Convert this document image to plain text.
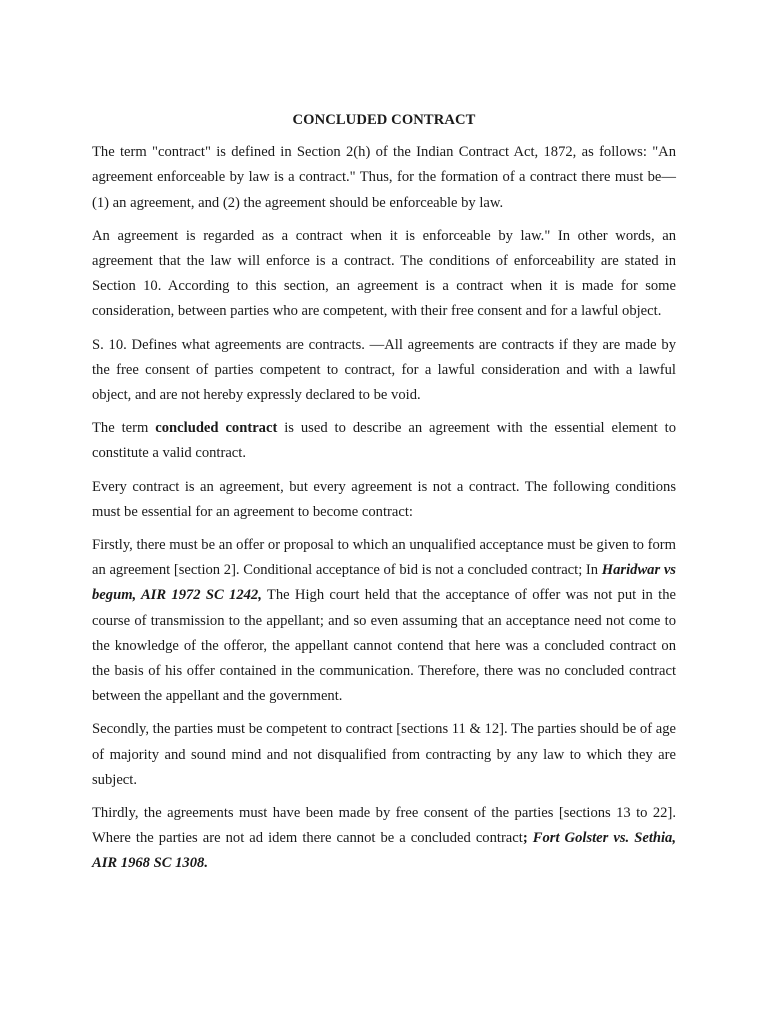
CONCLUDED CONTRACT

The term "contract" is defined in Section 2(h) of the Indian Contract Act, 1872, as follows: "An agreement enforceable by law is a contract." Thus, for the formation of a contract there must be— (1) an agreement, and (2) the agreement should be enforceable by law.

An agreement is regarded as a contract when it is enforceable by law." In other words, an agreement that the law will enforce is a contract. The conditions of enforceability are stated in Section 10. According to this section, an agreement is a contract when it is made for some consideration, between parties who are competent, with their free consent and for a lawful object.

S. 10. Defines what agreements are contracts. —All agreements are contracts if they are made by the free consent of parties competent to contract, for a lawful consideration and with a lawful object, and are not hereby expressly declared to be void.

The term concluded contract is used to describe an agreement with the essential element to constitute a valid contract.

Every contract is an agreement, but every agreement is not a contract. The following conditions must be essential for an agreement to become contract:

Firstly, there must be an offer or proposal to which an unqualified acceptance must be given to form an agreement [section 2]. Conditional acceptance of bid is not a concluded contract; In Haridwar vs begum, AIR 1972 SC 1242, The High court held that the acceptance of offer was not put in the course of transmission to the appellant; and so even assuming that an acceptance need not come to the knowledge of the offeror, the appellant cannot contend that here was a concluded contract on the basis of his offer contained in the communication. Therefore, there was no concluded contract between the appellant and the government.

Secondly, the parties must be competent to contract [sections 11 & 12]. The parties should be of age of majority and sound mind and not disqualified from contracting by any law to which they are subject.

Thirdly, the agreements must have been made by free consent of the parties [sections 13 to 22]. Where the parties are not ad idem there cannot be a concluded contract; Fort Golster vs. Sethia, AIR 1968 SC 1308.
